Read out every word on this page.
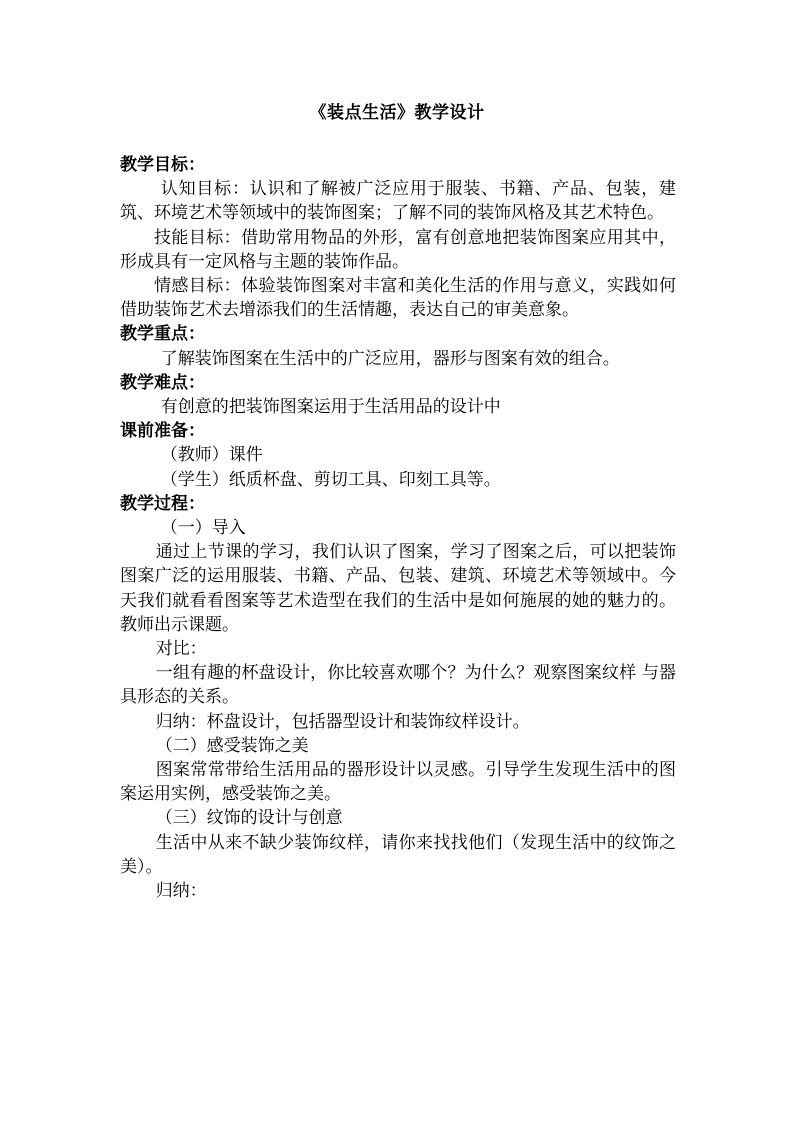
《装点生活》教学设计

教学目标：

认知目标：认识和了解被广泛应用于服装、书籍、产品、包装，建筑、环境艺术等领域中的装饰图案；了解不同的装饰风格及其艺术特色。

技能目标：借助常用物品的外形，富有创意地把装饰图案应用其中，形成具有一定风格与主题的装饰作品。

情感目标：体验装饰图案对丰富和美化生活的作用与意义，实践如何借助装饰艺术去增添我们的生活情趣，表达自己的审美意象。

教学重点：

了解装饰图案在生活中的广泛应用，器形与图案有效的组合。

教学难点：

有创意的把装饰图案运用于生活用品的设计中

课前准备：

（教师）课件

（学生）纸质杯盘、剪切工具、印刻工具等。

教学过程：

（一）导入

通过上节课的学习，我们认识了图案，学习了图案之后，可以把装饰图案广泛的运用服装、书籍、产品、包装、建筑、环境艺术等领域中。今天我们就看看图案等艺术造型在我们的生活中是如何施展的她的魅力的。教师出示课题。

对比：

一组有趣的杯盘设计，你比较喜欢哪个？为什么？观察图案纹样 与器具形态的关系。

归纳：杯盘设计，包括器型设计和装饰纹样设计。

（二）感受装饰之美

图案常常带给生活用品的器形设计以灵感。引导学生发现生活中的图案运用实例，感受装饰之美。

（三）纹饰的设计与创意

生活中从来不缺少装饰纹样，请你来找找他们（发现生活中的纹饰之美）。

归纳：
